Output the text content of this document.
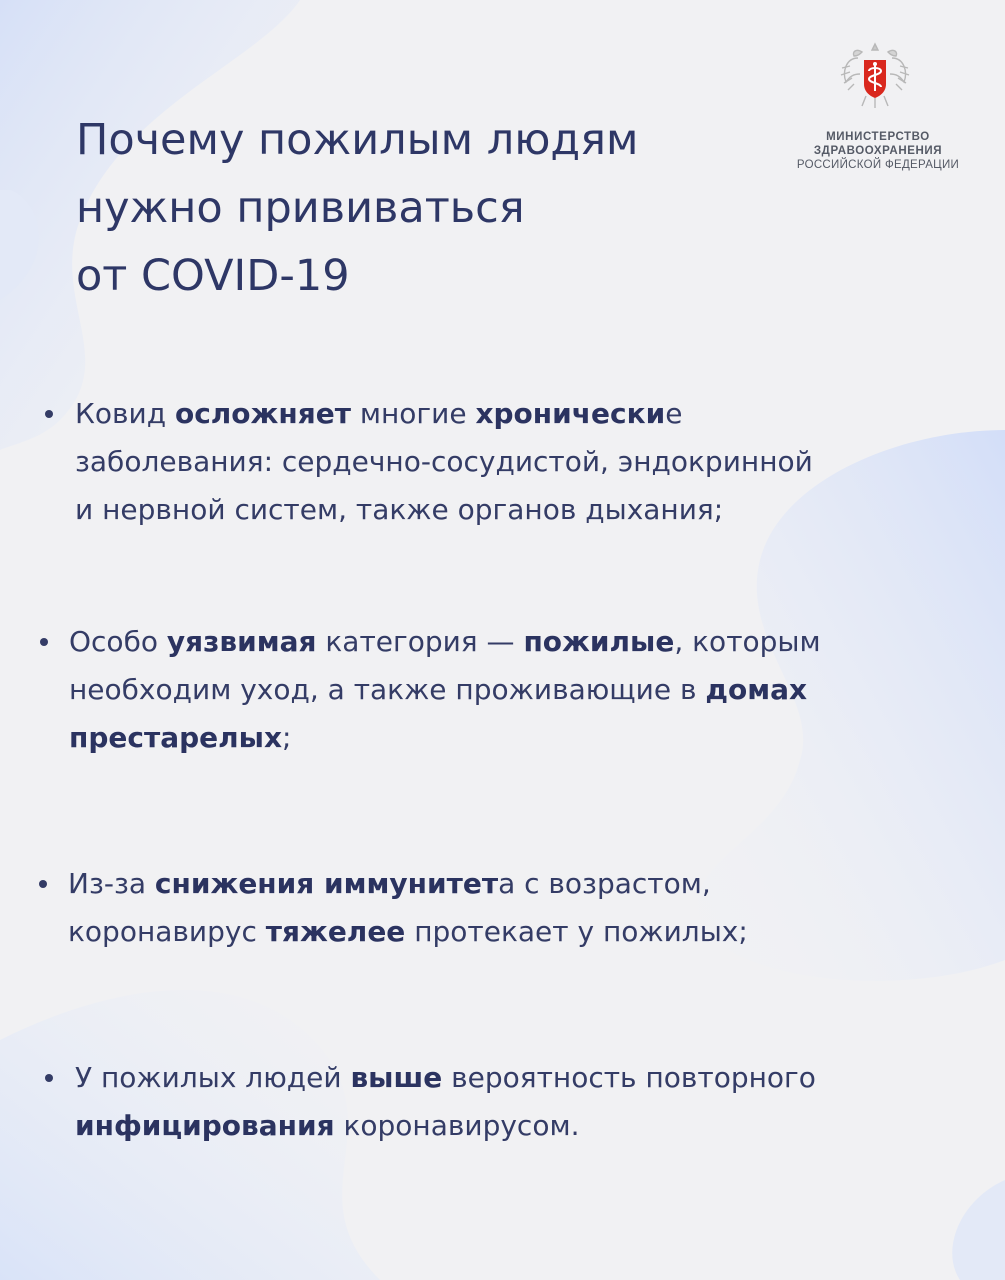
Почему пожилым людям
нужно прививаться
от COVID-19
МИНИСТЕРСТВО
ЗДРАВООХРАНЕНИЯ
РОССИЙСКОЙ ФЕДЕРАЦИИ
Ковид осложняет многие хронические
заболевания: сердечно-сосудистой, эндокринной
и нервной систем, также органов дыхания;
Особо уязвимая категория — пожилые, которым
необходим уход, а также проживающие в домах
престарелых;
Из-за снижения иммунитета с возрастом,
коронавирус тяжелее протекает у пожилых;
У пожилых людей выше вероятность повторного
инфицирования коронавирусом.
